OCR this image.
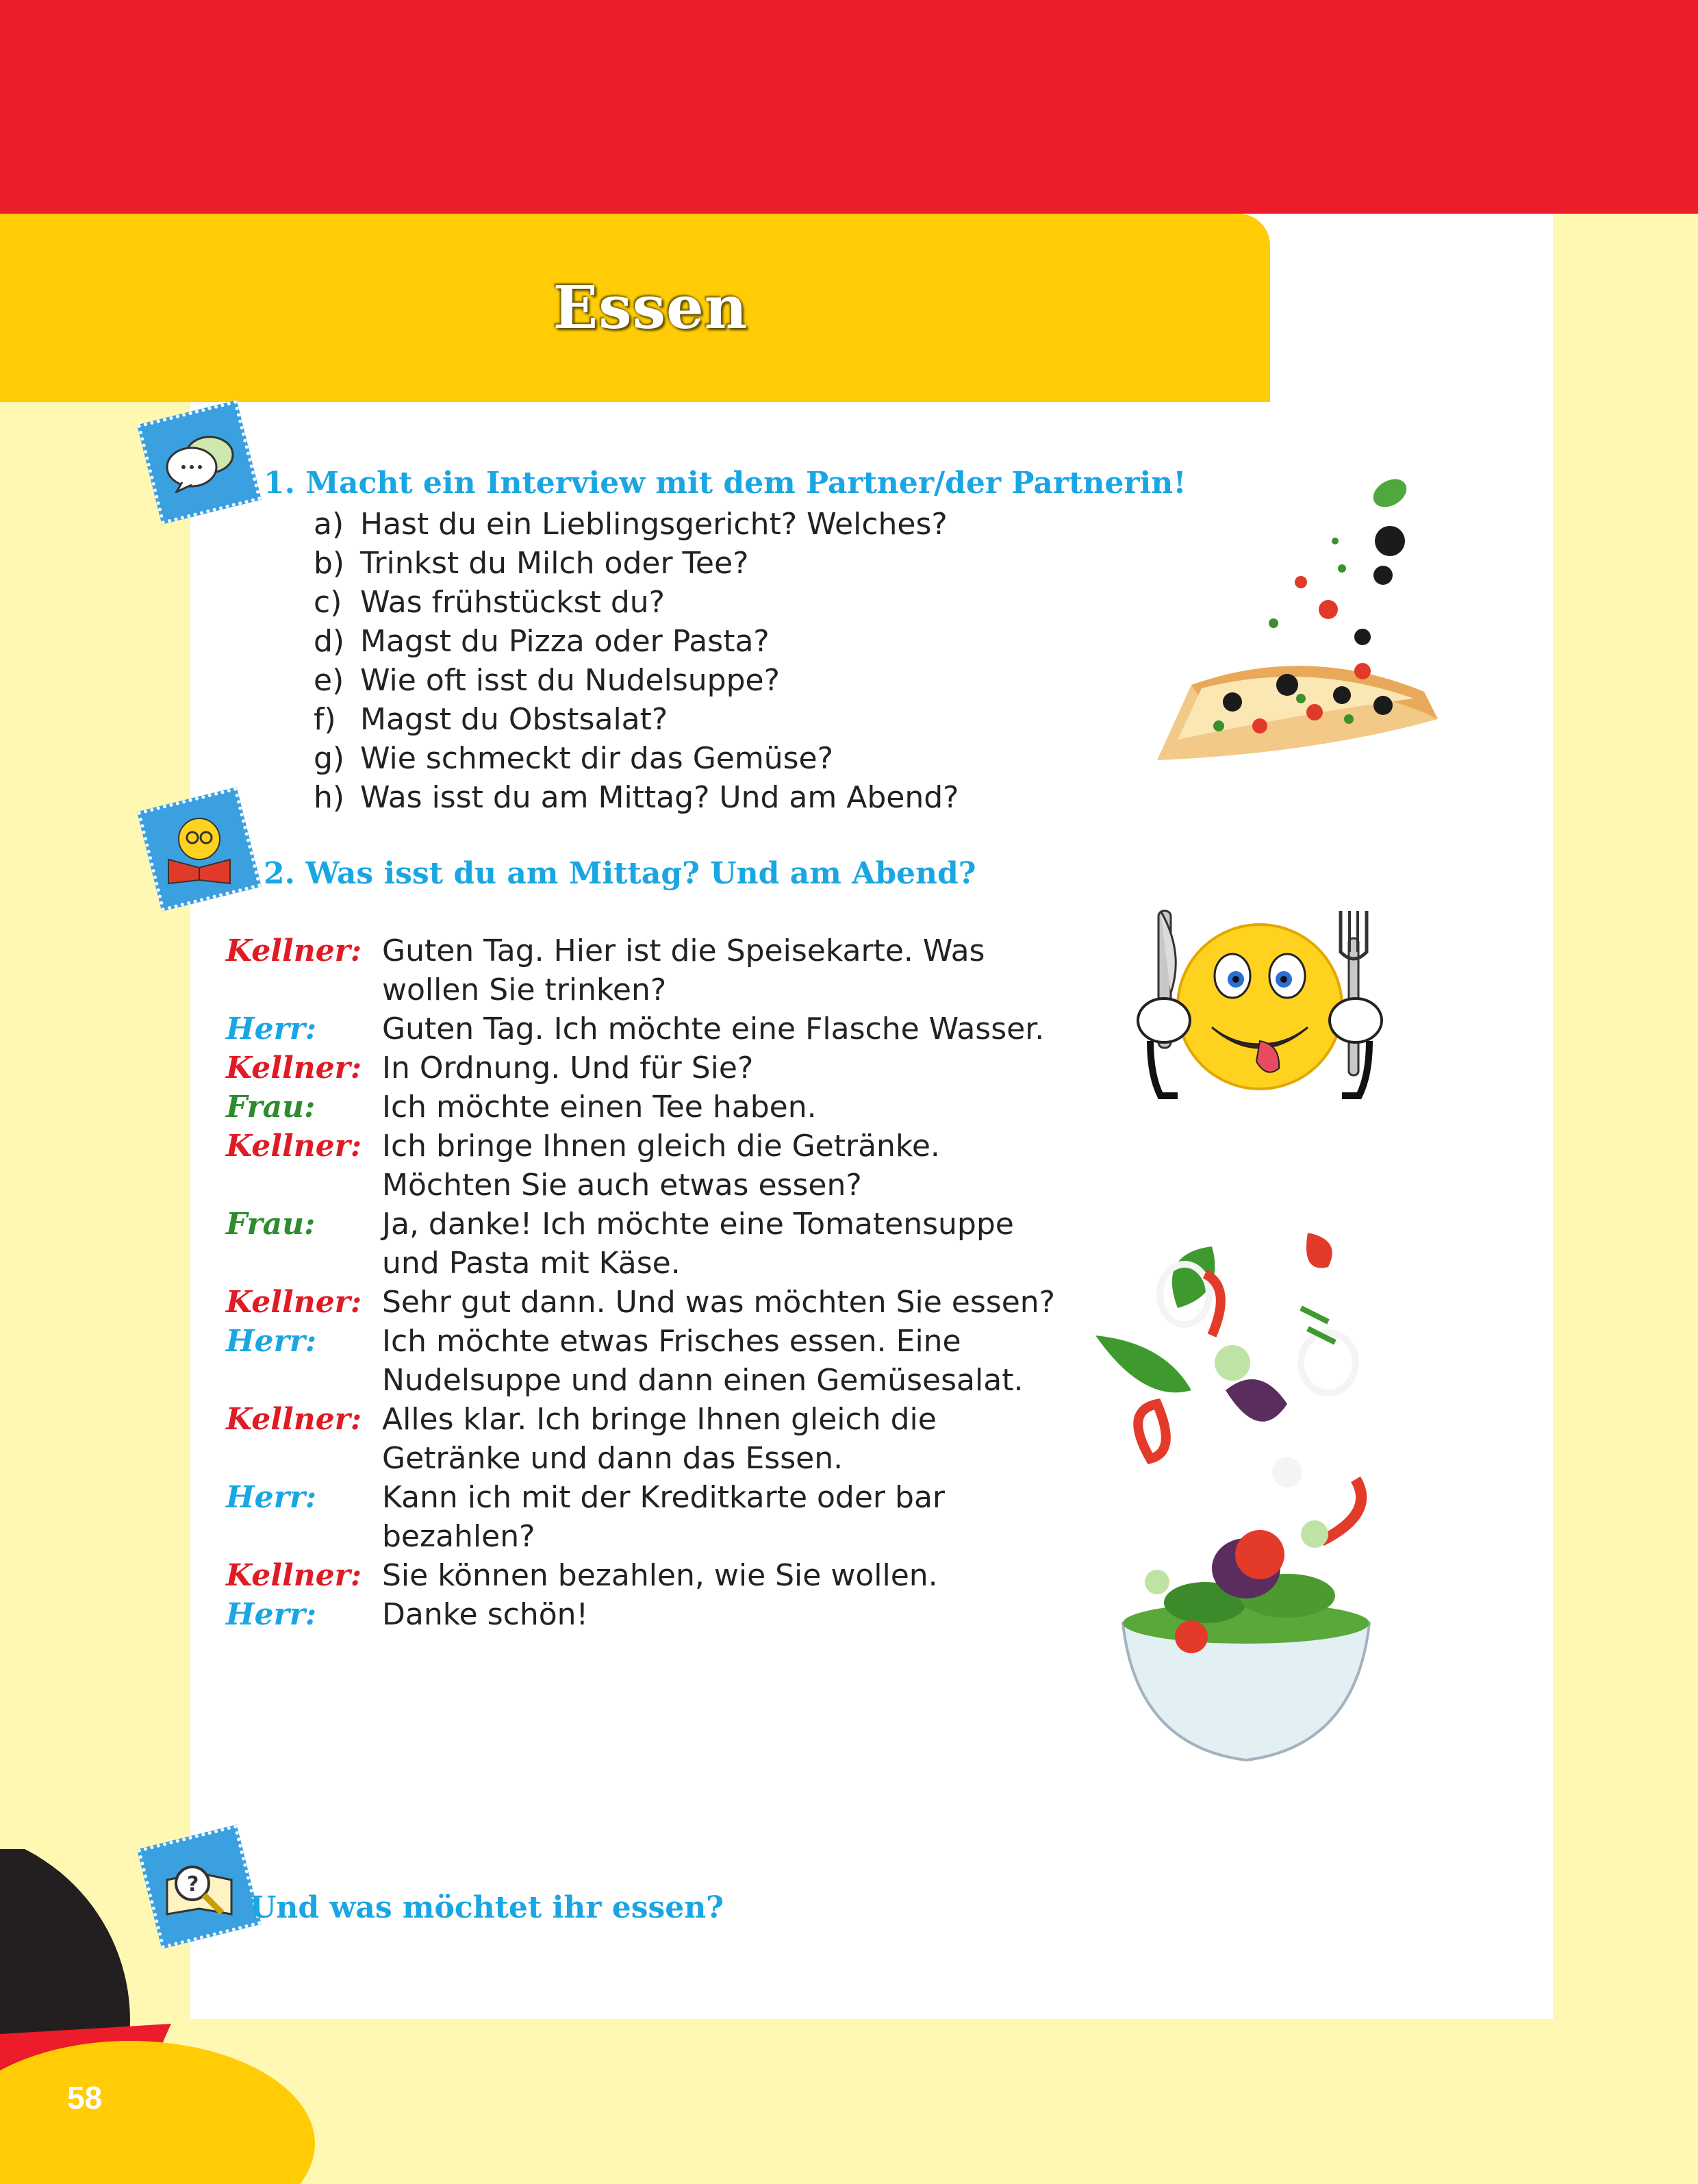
Essen
58
1. Macht ein Interview mit dem Partner/der Partnerin!
a) Hast du ein Lieblingsgericht? Welches?
b) Trinkst du Milch oder Tee?
c) Was frühstückst du?
d) Magst du Pizza oder Pasta?
e) Wie oft isst du Nudelsuppe?
f) Magst du Obstsalat?
g) Wie schmeckt dir das Gemüse?
h) Was isst du am Mittag? Und am Abend?
2. Was isst du am Mittag? Und am Abend?
Kellner: Guten Tag. Hier ist die Speisekarte. Was
wollen Sie trinken?
Herr: Guten Tag. Ich möchte eine Flasche Wasser.
Kellner: In Ordnung. Und für Sie?
Frau: Ich möchte einen Tee haben.
Kellner: Ich bringe Ihnen gleich die Getränke.
Möchten Sie auch etwas essen?
Frau: Ja, danke! Ich möchte eine Tomatensuppe
und Pasta mit Käse.
Kellner: Sehr gut dann. Und was möchten Sie essen?
Herr: Ich möchte etwas Frisches essen. Eine
Nudelsuppe und dann einen Gemüsesalat.
Kellner: Alles klar. Ich bringe Ihnen gleich die
Getränke und dann das Essen.
Herr: Kann ich mit der Kreditkarte oder bar
bezahlen?
Kellner: Sie können bezahlen, wie Sie wollen.
Herr: Danke schön!
?
Und was möchtet ihr essen?
